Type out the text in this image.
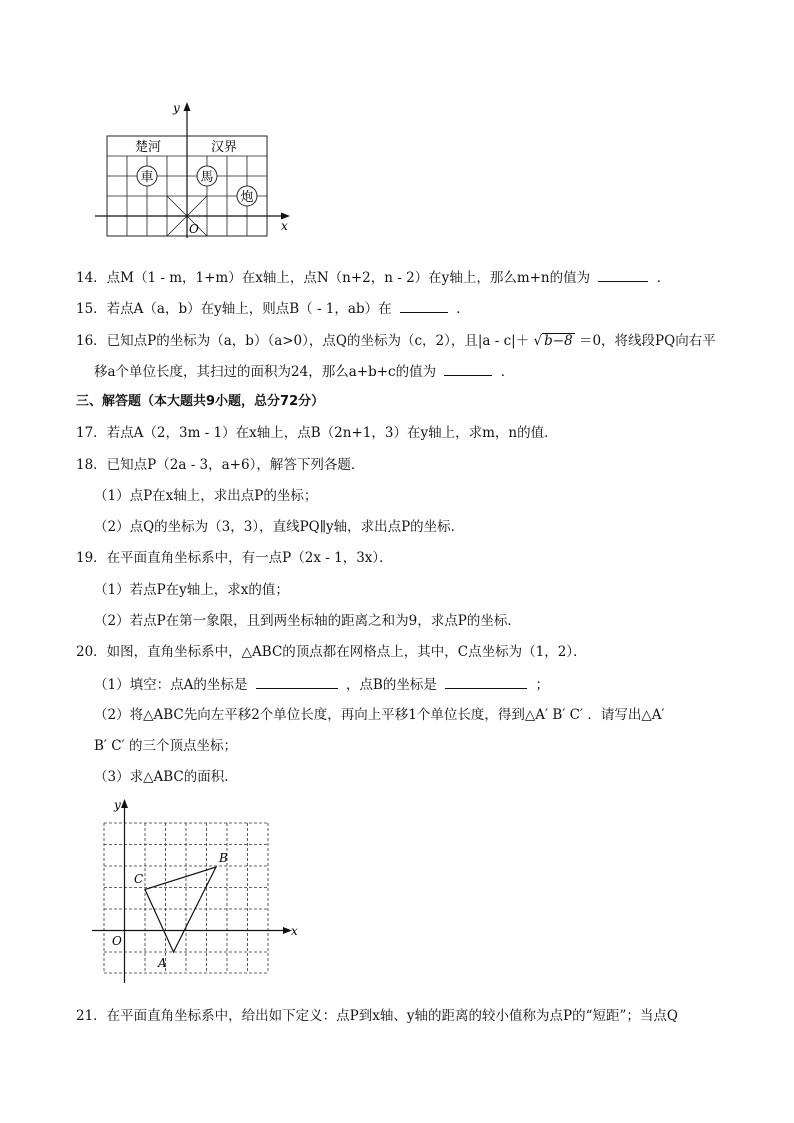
y
x
O
楚河	汉界
車	馬
炮
14．点M（1 - m，1+m）在x轴上，点N（n+2，n - 2）在y轴上，那么m+n的值为	．
15．若点A（a，b）在y轴上，则点B（ - 1，ab）在	．
16．已知点P的坐标为（a，b）（a>0），点Q的坐标为（c，2），且|a - c|＋ √ b−8 ＝0，将线段PQ向右平
移a个单位长度，其扫过的面积为24，那么a+b+c的值为	．
三、解答题（本大题共9小题，总分72分）
17．若点A（2，3m - 1）在x轴上，点B（2n+1，3）在y轴上，求m，n的值．
18．已知点P（2a - 3，a+6），解答下列各题．
（1）点P在x轴上，求出点P的坐标；
（2）点Q的坐标为（3，3），直线PQ∥y轴，求出点P的坐标．
19．在平面直角坐标系中，有一点P（2x - 1，3x）．
（1）若点P在y轴上，求x的值；
（2）若点P在第一象限，且到两坐标轴的距离之和为9，求点P的坐标．
20．如图，直角坐标系中，△ABC的顶点都在网格点上，其中，C点坐标为（1，2）．
（1）填空：点A的坐标是	，点B的坐标是	；
（2）将△ABC先向左平移2个单位长度，再向上平移1个单位长度，得到△A′ B′ C′ ．请写出△A′
B′ C′ 的三个顶点坐标；
（3）求△ABC的面积．
y
x
O
C
A
B
21．在平面直角坐标系中，给出如下定义：点P到x轴、y轴的距离的较小值称为点P的“短距”；当点Q
